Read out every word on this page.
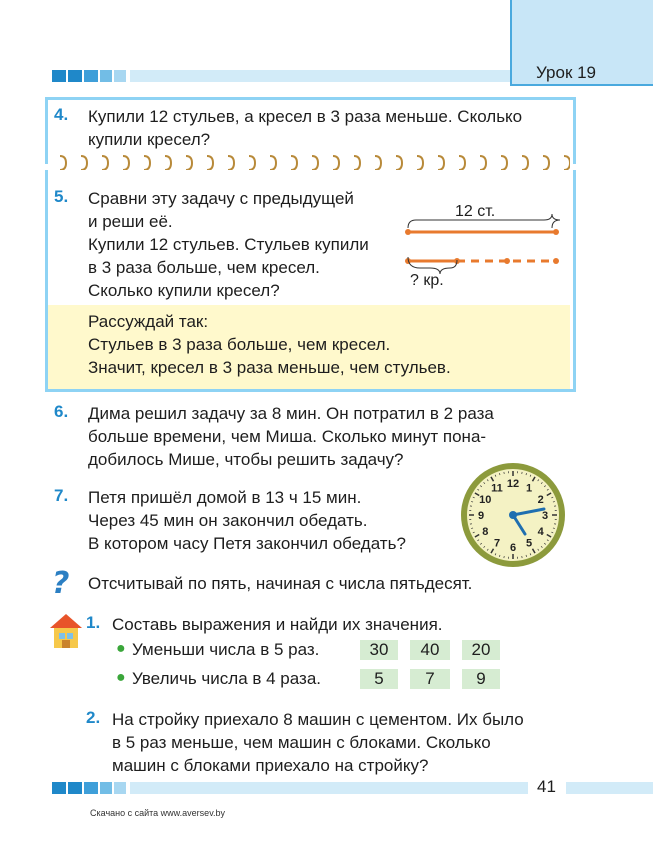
Урок 19
4. Купили 12 стульев, а кресел в 3 раза меньше. Сколько
купили кресел?
5. Сравни эту задачу с предыдущей
и реши её.
Купили 12 стульев. Стульев купили
в 3 раза больше, чем кресел.
Сколько купили кресел?
12 ст.
? кр.
Рассуждай так:
Стульев в 3 раза больше, чем кресел.
Значит, кресел в 3 раза меньше, чем стульев.
6. Дима решил задачу за 8 мин. Он потратил в 2 раза
больше времени, чем Миша. Сколько минут пона-
добилось Мише, чтобы решить задачу?
7. Петя пришёл домой в 13 ч 15 мин.
Через 45 мин он закончил обедать.
В котором часу Петя закончил обедать?
12 1
2
3
4
5
6
7
8
9
10
11
? Отсчитывай по пять, начиная с числа пятьдесят.
1. Составь выражения и найди их значения.
● Уменьши числа в 5 раз.	30	40	20
● Увеличь числа в 4 раза.	5	7	9
2. На стройку приехало 8 машин с цементом. Их было
в 5 раз меньше, чем машин с блоками. Сколько
машин с блоками приехало на стройку?
41
Скачано с сайта www.aversev.by
